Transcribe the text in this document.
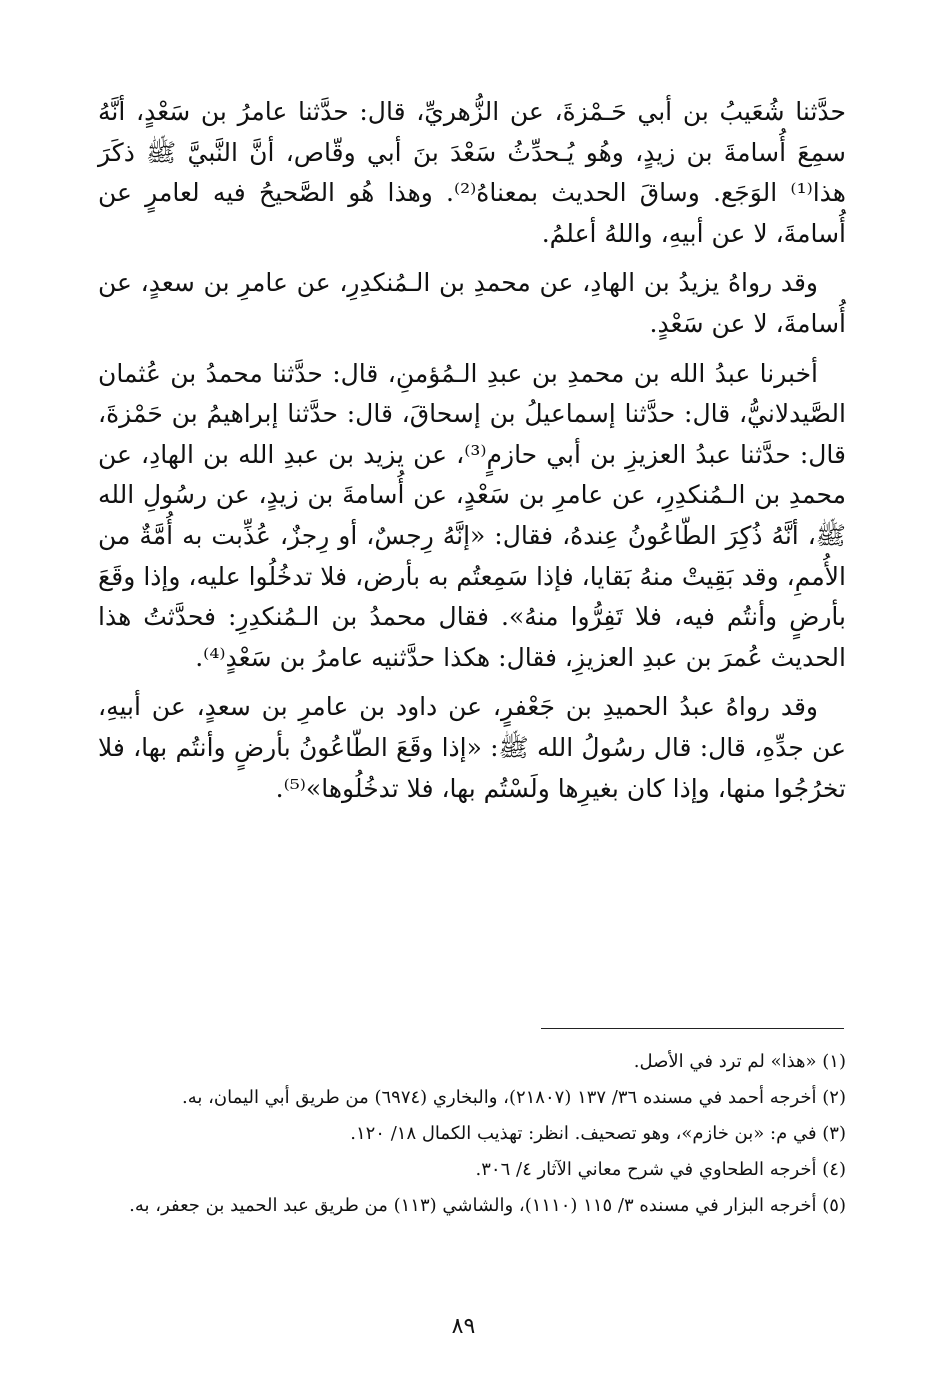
حدَّثنا شُعَيبُ بن أبي حَـمْزةَ، عن الزُّهريِّ، قال: حدَّثنا عامرُ بن سَعْدٍ، أنَّهُ سمِعَ أُسامةَ بن زيدٍ، وهُو يُـحدِّثُ سَعْدَ بنَ أبي وقّاص، أنَّ النَّبيَّ ﷺ ذكَرَ هذا⁽¹⁾ الوَجَع. وساقَ الحديث بمعناهُ⁽²⁾. وهذا هُو الصَّحيحُ فيه لعامرٍ عن أُسامةَ، لا عن أبيهِ، واللهُ أعلمُ.

وقد رواهُ يزيدُ بن الهادِ، عن محمدِ بن الـمُنكدِرِ، عن عامرِ بن سعدٍ، عن أُسامةَ، لا عن سَعْدٍ.

أخبرنا عبدُ الله بن محمدِ بن عبدِ الـمُؤمنِ، قال: حدَّثنا محمدُ بن عُثمان الصَّيدلانيُّ، قال: حدَّثنا إسماعيلُ بن إسحاقَ، قال: حدَّثنا إبراهيمُ بن حَمْزةَ، قال: حدَّثنا عبدُ العزيزِ بن أبي حازمٍ⁽³⁾، عن يزيد بن عبدِ الله بن الهادِ، عن محمدِ بن الـمُنكدِرِ، عن عامرِ بن سَعْدٍ، عن أُسامةَ بن زيدٍ، عن رسُولِ الله ﷺ، أنَّهُ ذُكِرَ الطّاعُونُ عِندهُ، فقال: «إنَّهُ رِجسٌ، أو رِجزٌ، عُذِّبت به أُمَّةٌ من الأُممِ، وقد بَقِيتْ منهُ بَقايا، فإذا سَمِعتُم به بأرض، فلا تدخُلُوا عليه، وإذا وقَعَ بأرضٍ وأنتُم فيه، فلا تَفِرُّوا منهُ». فقال محمدُ بن الـمُنكدِرِ: فحدَّثتُ هذا الحديث عُمرَ بن عبدِ العزيزِ، فقال: هكذا حدَّثنيه عامرُ بن سَعْدٍ⁽⁴⁾.

وقد رواهُ عبدُ الحميدِ بن جَعْفرٍ، عن داود بن عامرِ بن سعدٍ، عن أبيهِ، عن جدِّهِ، قال: قال رسُولُ الله ﷺ: «إذا وقَعَ الطّاعُونُ بأرضٍ وأنتُم بها، فلا تخرُجُوا منها، وإذا كان بغيرِها ولَسْتُم بها، فلا تدخُلُوها»⁽⁵⁾.

(١) «هذا» لم ترد في الأصل.

(٢) أخرجه أحمد في مسنده ٣٦/ ١٣٧ (٢١٨٠٧)، والبخاري (٦٩٧٤) من طريق أبي اليمان، به.

(٣) في م: «بن خازم»، وهو تصحيف. انظر: تهذيب الكمال ١٨/ ١٢٠.

(٤) أخرجه الطحاوي في شرح معاني الآثار ٤/ ٣٠٦.

(٥) أخرجه البزار في مسنده ٣/ ١١٥ (١١١٠)، والشاشي (١١٣) من طريق عبد الحميد بن جعفر، به.

٨٩
